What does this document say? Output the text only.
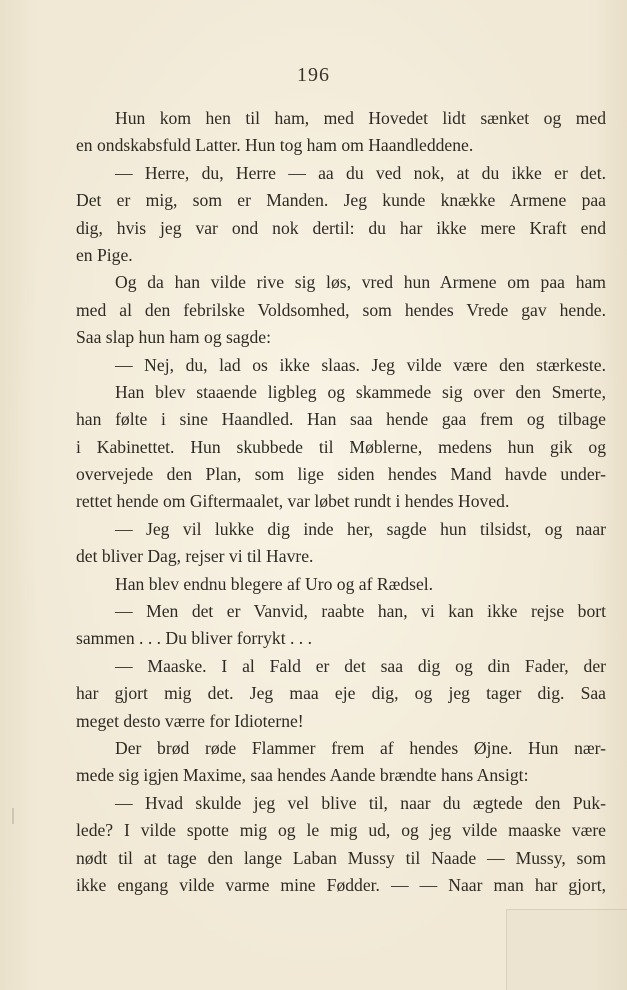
196
Hun kom hen til ham, med Hovedet lidt sænket og med
en ondskabsfuld Latter. Hun tog ham om Haandleddene.
— Herre, du, Herre — aa du ved nok, at du ikke er det.
Det er mig, som er Manden. Jeg kunde knække Armene paa
dig, hvis jeg var ond nok dertil: du har ikke mere Kraft end
en Pige.
Og da han vilde rive sig løs, vred hun Armene om paa ham
med al den febrilske Voldsomhed, som hendes Vrede gav hende.
Saa slap hun ham og sagde:
— Nej, du, lad os ikke slaas. Jeg vilde være den stærkeste.
Han blev staaende ligbleg og skammede sig over den Smerte,
han følte i sine Haandled. Han saa hende gaa frem og tilbage
i Kabinettet. Hun skubbede til Møblerne, medens hun gik og
overvejede den Plan, som lige siden hendes Mand havde under-
rettet hende om Giftermaalet, var løbet rundt i hendes Hoved.
— Jeg vil lukke dig inde her, sagde hun tilsidst, og naar
det bliver Dag, rejser vi til Havre.
Han blev endnu blegere af Uro og af Rædsel.
— Men det er Vanvid, raabte han, vi kan ikke rejse bort
sammen . . . Du bliver forrykt . . .
— Maaske. I al Fald er det saa dig og din Fader, der
har gjort mig det. Jeg maa eje dig, og jeg tager dig. Saa
meget desto værre for Idioterne!
Der brød røde Flammer frem af hendes Øjne. Hun nær-
mede sig igjen Maxime, saa hendes Aande brændte hans Ansigt:
— Hvad skulde jeg vel blive til, naar du ægtede den Puk-
lede? I vilde spotte mig og le mig ud, og jeg vilde maaske være
nødt til at tage den lange Laban Mussy til Naade — Mussy, som
ikke engang vilde varme mine Fødder. — — Naar man har gjort,
